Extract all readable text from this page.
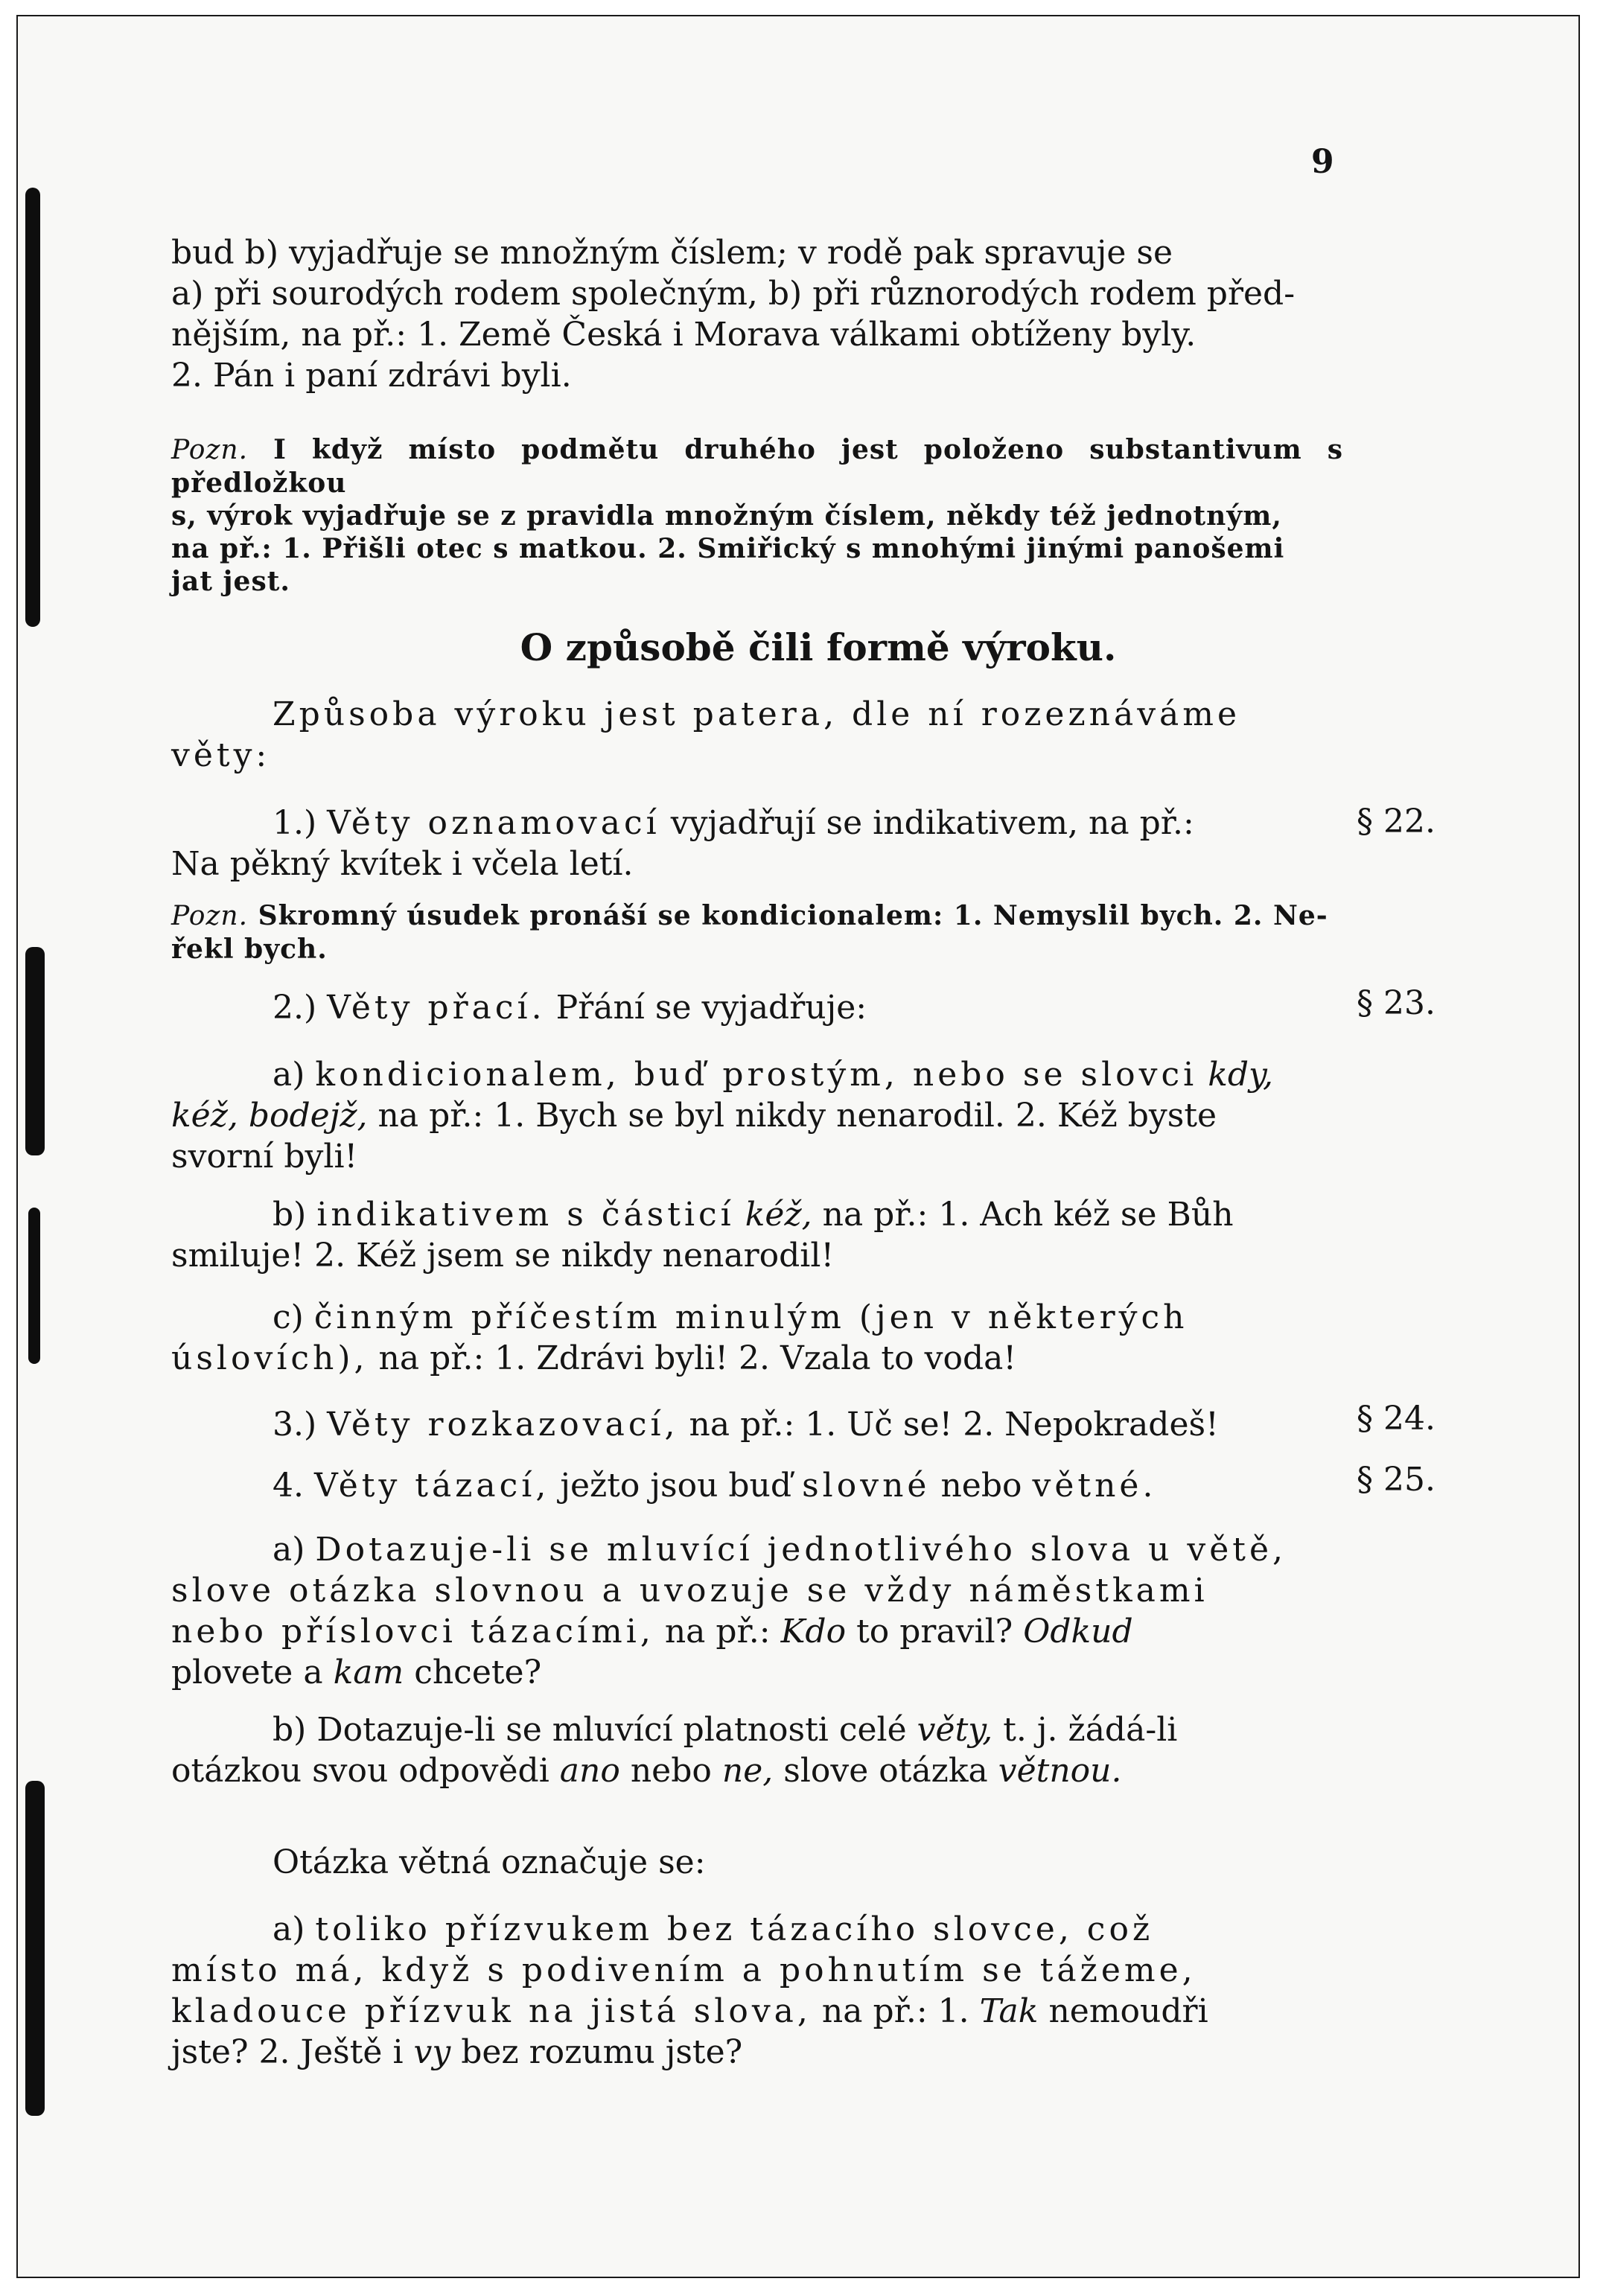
9

bud b) vyjadřuje se množným číslem; v rodě pak spravuje se
a) při sourodých rodem společným, b) při různorodých rodem před-
nějším, na př.: 1. Země Česká i Morava válkami obtíženy byly.
2. Pán i paní zdrávi byli.
Pozn. I když místo podmětu druhého jest položeno substantivum s předložkou
s, výrok vyjadřuje se z pravidla množným číslem, někdy též jednotným,
na př.: 1. Přišli otec s matkou. 2. Smiřický s mnohými jinými panošemi
jat jest.
O způsobě čili formě výroku.
Způsoba výroku jest patera, dle ní rozeznáváme
věty:
1.) Věty oznamovací vyjadřují se indikativem, na př.:
Na pěkný kvítek i včela letí.

§ 22.

Pozn. Skromný úsudek pronáší se kondicionalem: 1. Nemyslil bych. 2. Ne-
řekl bych.
2.) Věty přací. Přání se vyjadřuje:	§ 23.

a) kondicionalem, buď prostým, nebo se slovci kdy,
kéž, bodejž, na př.: 1. Bych se byl nikdy nenarodil. 2. Kéž byste
svorní byli!
b) indikativem s částicí kéž, na př.: 1. Ach kéž se Bůh
smiluje! 2. Kéž jsem se nikdy nenarodil!
c) činným příčestím minulým (jen v některých
úslovích), na př.: 1. Zdrávi byli! 2. Vzala to voda!
3.) Věty rozkazovací, na př.: 1. Uč se! 2. Nepokradeš!	§ 24.

4. Věty tázací, ježto jsou buď slovné nebo větné.	§ 25.

a) Dotazuje-li se mluvící jednotlivého slova u větě,
slove otázka slovnou a uvozuje se vždy náměstkami
nebo příslovci tázacími, na př.: Kdo to pravil? Odkud
plovete a kam chcete?
b) Dotazuje-li se mluvící platnosti celé věty, t. j. žádá-li
otázkou svou odpovědi ano nebo ne, slove otázka větnou.
Otázka větná označuje se:
a) toliko přízvukem bez tázacího slovce, což
místo má, když s podivením a pohnutím se tážeme,
kladouce přízvuk na jistá slova, na př.: 1. Tak nemoudři
jste? 2. Ještě i vy bez rozumu jste?
